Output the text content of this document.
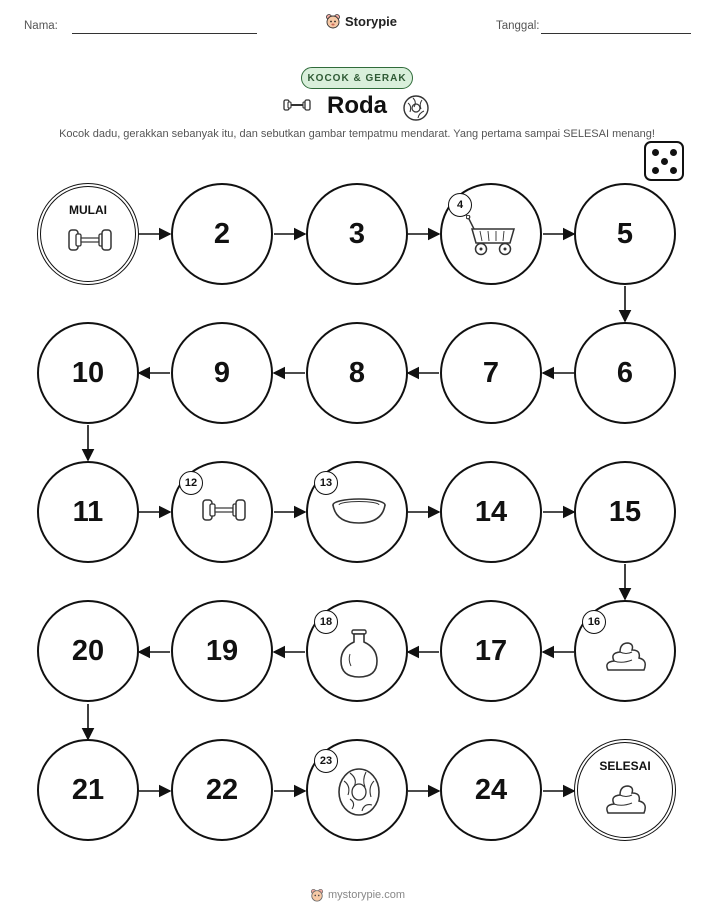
Nama:	Storypie	Tanggal:
KOCOK & GERAK
Roda
Kocok dadu, gerakkan sebanyak itu, dan sebutkan gambar tempatmu mendarat. Yang pertama sampai SELESAI menang!
MULAI
2	3
4
5
6
7
8
9
10
11
12	13
14	15
16
17
18
19
20
21	22
23
24
SELESAI
mystorypie.com
